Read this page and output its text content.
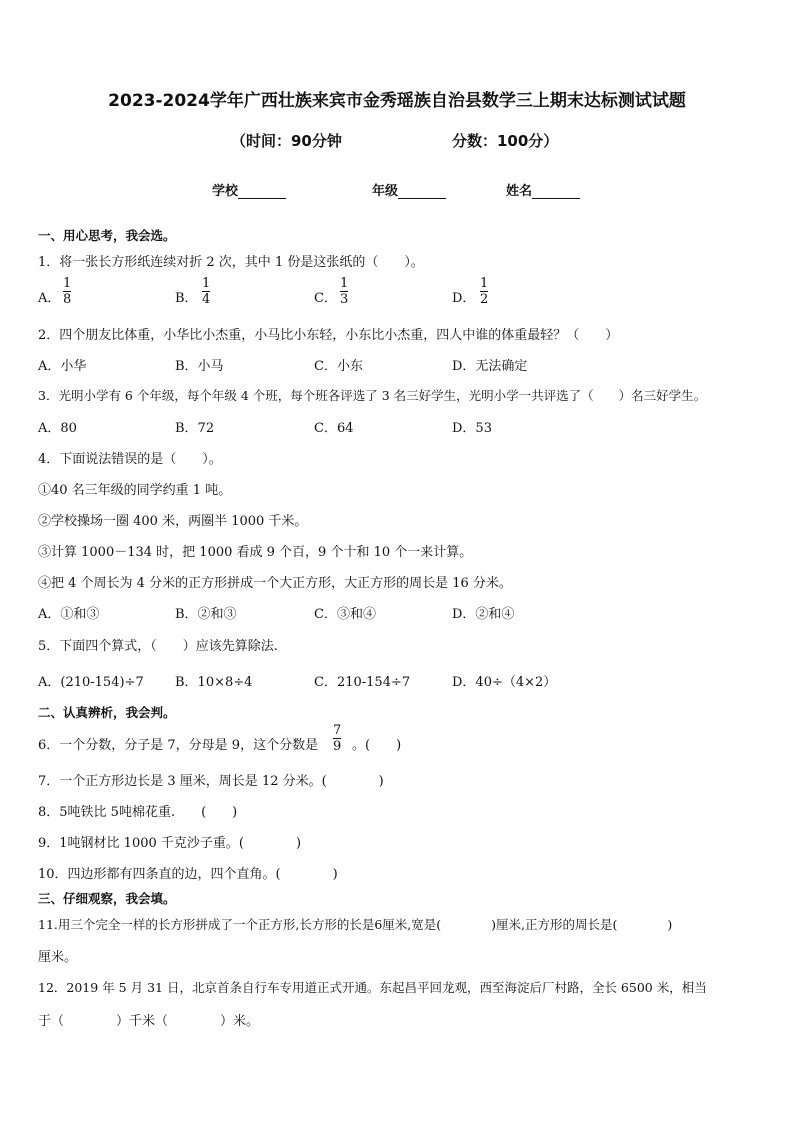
2023-2024学年广西壮族来宾市金秀瑶族自治县数学三上期末达标测试试题
（时间：90分钟	分数：100分）
学校	年级	姓名
一、用心思考，我会选。
1．将一张长方形纸连续对折 2 次，其中 1 份是这张纸的（　　）。
A．
1
8	B．
1
4	C．
1
3	D．
1
2
2．四个朋友比体重，小华比小杰重，小马比小东轻，小东比小杰重，四人中谁的体重最轻？（　　）
A．小华	B．小马	C．小东	D．无法确定
3．光明小学有 6 个年级，每个年级 4 个班，每个班各评选了 3 名三好学生，光明小学一共评选了（　　）名三好学生。
A．80	B．72	C．64	D．53
4．下面说法错误的是（　　）。
①40 名三年级的同学约重 1 吨。
②学校操场一圈 400 米，两圈半 1000 千米。
③计算 1000－134 时，把 1000 看成 9 个百，9 个十和 10 个一来计算。
④把 4 个周长为 4 分米的正方形拼成一个大正方形，大正方形的周长是 16 分米。
A．①和③	B．②和③	C．③和④	D．②和④
5．下面四个算式，（　　）应该先算除法.
A．(210-154)÷7 B．10×8÷4	C．210-154÷7	D．40÷（4×2）
二、认真辨析，我会判。
6．一个分数，分子是 7，分母是 9，这个分数是
7
9 。(　　)
7．一个正方形边长是 3 厘米，周长是 12 分米。(　　　　)
8．5吨铁比 5吨棉花重.　　(　　)
9．1吨钢材比 1000 千克沙子重。(　　　　)
10．四边形都有四条直的边，四个直角。(　　　　)
三、仔细观察，我会填。
11.用三个完全一样的长方形拼成了一个正方形,长方形的长是6厘米,宽是(　　　　)厘米,正方形的周长是(　　　　)
厘米。
12．2019 年 5 月 31 日，北京首条自行车专用道正式开通。东起昌平回龙观，西至海淀后厂村路，全长 6500 米，相当
于（　　　　）千米（　　　　）米。
